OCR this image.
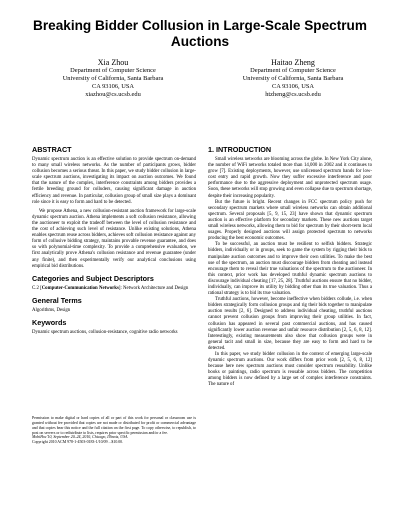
Breaking Bidder Collusion in Large-Scale Spectrum Auctions
Xia Zhou
Department of Computer Science
University of California, Santa Barbara
CA 93106, USA
xiazhou@cs.ucsb.edu
Haitao Zheng
Department of Computer Science
University of California, Santa Barbara
CA 93106, USA
htzheng@cs.ucsb.edu
ABSTRACT

Dynamic spectrum auction is an effective solution to provide spectrum on-demand to many small wireless networks. As the number of participants grows, bidder collusion becomes a serious threat. In this paper, we study bidder collusion in large-scale spectrum auctions, investigating its impact on auction outcomes. We found that the nature of the complex, interference constraints among bidders provides a fertile breeding ground for colluders, causing significant damage in auction efficiency and revenue. In particular, collusion group of small size plays a dominant role since it is easy to form and hard to be detected.

We propose Athena, a new collusion-resistant auction framework for large-scale dynamic spectrum auction. Athena implements a soft collusion resistance, allowing the auctioneer to exploit the tradeoff between the level of collusion resistance and the cost of achieving such level of resistance. Unlike existing solutions, Athena enables spectrum reuse across bidders, achieves soft collusion resistance against any form of collusive bidding strategy, maintains provable revenue guarantee, and does so with polynomial-time complexity. To provide a comprehensive evaluation, we first analytically prove Athena's collusion resistance and revenue guarantee (under any finite), and then experimentally verify our analytical conclusions using empirical bid distributions.

Categories and Subject Descriptors

C.2 [Computer-Communication Networks]: Network Architecture and Design

General Terms

Algorithms, Design

Keywords

Dynamic spectrum auctions, collusion-resistance, cognitive radio networks

Permission to make digital or hard copies of all or part of this work for personal or classroom use is granted without fee provided that copies are not made or distributed for profit or commercial advantage and that copies bear this notice and the full citation on the first page. To copy otherwise, to republish, to post on servers or to redistribute to lists, requires prior specific permission and/or a fee.
MobiHoc'10, September 20–24, 2010, Chicago, Illinois, USA.
Copyright 2010 ACM 978-1-4503-0183-1/10/09 ...$10.00.
1. INTRODUCTION

Small wireless networks are blooming across the globe. In New York City alone, the number of WiFi networks totaled more than 14,000 in 2002 and it continues to grow [7]. Existing deployments, however, use unlicensed spectrum bands for low-cost entry and rapid growth. Now they suffer excessive interference and poor performance due to the aggressive deployment and unprotected spectrum usage. Soon, these networks will stop growing and even collapse due to spectrum shortage, despite their increasing popularity.

But the future is bright. Recent changes in FCC spectrum policy push for secondary spectrum markets where small wireless networks can obtain additional spectrum. Several proposals [5, 9, 15, 23] have shown that dynamic spectrum auction is an effective platform for secondary markets. These new auctions target small wireless networks, allowing them to bid for spectrum by their short-term local usages. Properly designed auctions will assign protected spectrum to networks producing the best economic outcomes.

To be successful, an auction must be resilient to selfish bidders. Strategic bidders, individually or in groups, seek to game the system by rigging their bids to manipulate auction outcomes and to improve their own utilities. To make the best use of the spectrum, an auction must discourage bidders from cheating and instead encourage them to reveal their true valuations of the spectrum to the auctioneer. In this context, prior work has developed truthful dynamic spectrum auctions to discourage individual cheating [17, 25, 28]. Truthful auctions ensure that no bidder, individually, can improve its utility by bidding other than its true valuation. Thus a rational strategy is to bid its true valuation.

Truthful auctions, however, become ineffective when bidders collude, i.e. when bidders strategically form collusion groups and rig their bids together to manipulate auction results [2, 6]. Designed to address individual cheating, truthful auctions cannot prevent collusion groups from improving their group utilities. In fact, collusion has appeared in several past commercial auctions, and has caused significantly lower auction revenue and unfair resource distribution [2, 5, 6, 8, 12]. Interestingly, existing measurements also show that collusion groups were in general tacit and small in size, because they are easy to form and hard to be detected.

In this paper, we study bidder collusion in the context of emerging large-scale dynamic spectrum auctions. Our work differs from prior work [2, 5, 6, 8, 12] because here new spectrum auctions must consider spectrum reusability. Unlike books or paintings, radio spectrum is reusable across bidders. The competition among bidders is now defined by a large set of complex interference constraints. The nature of
